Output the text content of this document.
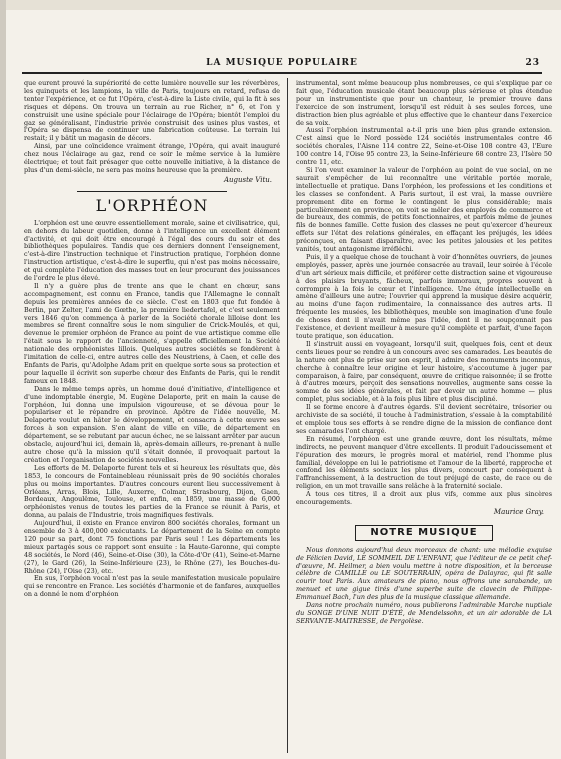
LA MUSIQUE POPULAIRE	23

que eurent prouvé la supériorité de cette lumière nouvelle sur les réverbères, les quinquets et les lampions, la ville de Paris, toujours en retard, refusa de tenter l'expérience, et ce fut l'Opéra, c'est-à-dire la Liste civile, qui la fit à ses risques et dépens. On trouva un terrain au rue Richer, n° 6, et l'on y construisit une usine spéciale pour l'éclairage de l'Opéra; bientôt l'emploi du gaz se généralisant, l'industrie privée construisit des usines plus vastes, et l'Opéra se dispensa de continuer une fabrication coûteuse. Le terrain lui restait; il y bâtit un magasin de décors.

Ainsi, par une coïncidence vraiment étrange, l'Opéra, qui avait inauguré chez nous l'éclairage au gaz, rend ce soir le même service à la lumière électrique; et tout fait présager que cette nouvelle initiative, à la distance de plus d'un demi-siècle, ne sera pas moins heureuse que la première.

Auguste Vitu.
L'ORPHÉON

L'orphéon est une œuvre essentiellement morale, saine et civilisatrice, qui, en dehors du labeur quotidien, donne à l'intelligence un excellent élément d'activité, et qui doit être encouragé à l'égal des cours du soir et des bibliothèques populaires. Tandis que ces derniers donnent l'enseignement, c'est-à-dire l'instruction technique et l'instruction pratique, l'orphéon donne l'instruction artistique, c'est-à-dire le superflu, qui n'est pas moins nécessaire, et qui complète l'éducation des masses tout en leur procurant des jouissances de l'ordre le plus élevé.

Il n'y a guère plus de trente ans que le chant en chœur, sans accompagnement, est connu en France, tandis que l'Allemagne le connaît depuis les premières années de ce siècle. C'est en 1803 que fut fondée à Berlin, par Zelter, l'ami de Gœthe, la première liedertafel, et c'est seulement vers 1846 qu'on commença à parler de la Société chorale lilloise dont les membres se firent connaître sous le nom singulier de Crick-Moulés, et qui, devenue le premier orphéon de France au point de vue artistique comme elle l'était sous le rapport de l'ancienneté, s'appelle officiellement la Société nationale des orphéonistes lillois. Quelques autres sociétés se fondèrent à l'imitation de celle-ci, entre autres celle des Neustriens, à Caen, et celle des Enfants de Paris, qu'Adolphe Adam prit en quelque sorte sous sa protection et pour laquelle il écrivit son superbe chœur des Enfants de Paris, qui le rendit fameux en 1848.

Dans le même temps après, un homme doué d'initiative, d'intelligence et d'une indomptable énergie, M. Eugène Delaporte, prit en main la cause de l'orphéon, lui donna une impulsion vigoureuse, et se dévoua pour le populariser et le répandre en province. Apôtre de l'idée nouvelle, M. Delaporte voulut en hâter le développement, et consacra à cette œuvre ses forces à son expansion. S'en alant de ville en ville, de département en département, se se rebutant par aucun échec, ne se laissant arrêter par aucun obstacle, aujourd'hui ici, demain là, après-demain ailleurs, re-prenant à nulle autre chose qu'à la mission qu'il s'était donnée, il provoquait partout la création et l'organisation de sociétés nouvelles.

Les efforts de M. Delaporte furent tels et si heureux les résultats que, dès 1853, le concours de Fontainebleau réunissait près de 90 sociétés chorales plus ou moins importantes. D'autres concours eurent lieu successivement à Orléans, Arras, Blois, Lille, Auxerre, Colmar, Strasbourg, Dijon, Gaen, Bordeaux, Angoulême, Toulouse, et enfin, en 1859, une masse de 6,000 orphéonistes venus de toutes les parties de la France se réunit à Paris, et donna, au palais de l'Industrie, trois magnifiques festivals.

Aujourd'hui, il existe en France environ 800 sociétés chorales, formant un ensemble de 3 à 400,000 exécutants. Le département de la Seine en compte 120 pour sa part, dont 75 fonctions par Paris seul ! Les départements les mieux partagés sous ce rapport sont ensuite : la Haute-Garonne, qui compte 48 sociétés, le Nord (46), Seine-et-Oise (30), la Côte-d'Or (41), Seine-et-Marne (27), le Gard (26), la Seine-Inférieure (23), le Rhône (27), les Bouches-du-Rhône (24), l'Oise (23), etc.

En sus, l'orphéon vocal n'est pas la seule manifestation musicale populaire qui se rencontre en France. Les sociétés d'harmonie et de fanfares, auxquelles on a donné le nom d'orphéon

instrumental, sont même beaucoup plus nombreuses, ce qui s'explique par ce fait que, l'éducation musicale étant beaucoup plus sérieuse et plus étendue pour un instrumentiste que pour un chanteur, le premier trouve dans l'exercice de son instrument, lorsqu'il est réduit à ses seules forces, une distraction bien plus agréable et plus effective que le chanteur dans l'exercice de sa voix.

Aussi l'orphéon instrumental a-t-il pris une bien plus grande extension. C'est ainsi que le Nord possède 124 sociétés instrumentales contre 46 sociétés chorales, l'Aisne 114 contre 22, Seine-et-Oise 108 contre 43, l'Eure 100 contre 14, l'Oise 95 contre 23, la Seine-Inférieure 68 contre 23, l'Isère 50 contre 11, etc.

Si l'on veut examiner la valeur de l'orphéon au point de vue social, on ne saurait s'empêcher de lui reconnaître une véritable portée morale, intellectuelle et pratique. Dans l'orphéon, les professions et les conditions et les classes se confondent. A Paris surtout, il est vrai, la masse ouvrière proprement dite en forme le contingent le plus considérable; mais particulièrement en province, on voit se mêler des employés de commerce et de bureaux, des commis, de petits fonctionnaires, et parfois même de jeunes fils de bonnes famille. Cette fusion des classes ne peut qu'exercer d'heureux effets sur l'état des relations générales, en effaçant les préjugés, les idées préconçues, en faisant disparaître, avec les petites jalousies et les petites vanités, tout antagonisme irréfléchi.

Puis, il y a quelque chose de touchant à voir d'honnêtes ouvriers, de jeunes employés, passer, après une journée consacrée au travail, leur soirée à l'école d'un art sérieux mais difficile, et préférer cette distraction saine et vigoureuse à des plaisirs bruyants, fâcheux, parfois immoraux, propres souvent à corrompre à la fois le cœur et l'intelligence. Une étude intellectuelle en amène d'ailleurs une autre; l'ouvrier qui apprend la musique désire acquérir, au moins d'une façon rudimentaire, la connaissance des autres arts. Il fréquente les musées, les bibliothèques, meuble son imagination d'une foule de choses dont il n'avait même pas l'idée, dont il ne soupçonnait pas l'existence, et devient meilleur à mesure qu'il complète et parfait, d'une façon toute pratique, son éducation.

Il s'instruit aussi en voyageant, lorsqu'il suit, quelques fois, cent et deux cents lieues pour se rendre à un concours avec ses camarades. Les beautés de la nature ont plus de prise sur son esprit, il admire des monuments inconnus, cherche à connaître leur origine et leur histoire, s'accoutume à juger par comparaison, à faire, par conséquent, œuvre de critique raisonnée; il se frotte à d'autres mœurs, perçoit des sensations nouvelles, augmente sans cesse la somme de ses idées générales, et fait par devoir un autre homme — plus complet, plus sociable, et à la fois plus libre et plus discipliné.

Il se forme encore à d'autres égards. S'il devient secrétaire, trésorier ou archiviste de sa société, il touche à l'administration, s'essaie à la comptabilité et emploie tous ses efforts à se rendre digne de la mission de confiance dont ses camarades l'ont chargé.

En résumé, l'orphéon est une grande œuvre, dont les résultats, même indirects, ne peuvent manquer d'être excellents. Il produit l'adoucissement et l'épuration des mœurs, le progrès moral et matériel, rend l'homme plus familial, développe en lui le patriotisme et l'amour de la liberté, rapproche et confond les éléments sociaux les plus divers, concourt par conséquent à l'affranchissement, à la destruction de tout préjugé de caste, de race ou de religion, en un mot travaille sans relâche à la fraternité sociale.

A tous ces titres, il a droit aux plus vifs, comme aux plus sincères encouragements.

Maurice Gray.
NOTRE MUSIQUE

Nous donnons aujourd'hui deux morceaux de chant: une mélodie exquise de Félicien David, LE SOMMEIL DE L'ENFANT, que l'éditeur de ce petit chef-d'œuvre, M. Heilmer, a bien voulu mettre à notre disposition, et la berceuse célèbre de CAMILLE ou LE SOUTERRAIN, opéra de Dalayrac, qui fit salle courir tout Paris. Aux amateurs de piano, nous offrons une sarabande, un menuet et une gigue tirés d'une superbe suite de clavecin de Philippe-Emmanuel Bach, l'un des plus de la musique classique allemande.

Dans notre prochain numéro, nous publierons l'admirable Marche nuptiale du SONGE D'UNE NUIT D'ÉTÉ, de Mendelssohn, et un air adorable de LA SERVANTE-MAITRESSE, de Pergolèse.
